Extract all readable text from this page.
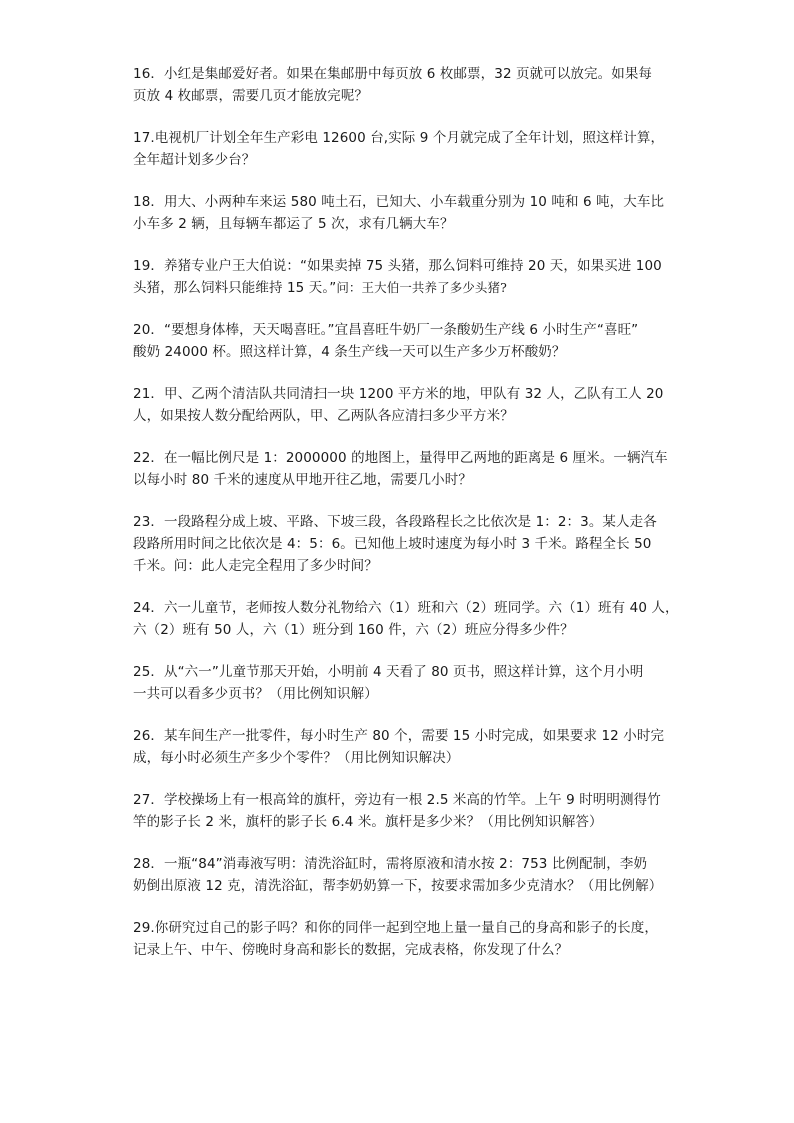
16．小红是集邮爱好者。如果在集邮册中每页放 6 枚邮票，32 页就可以放完。如果每
页放 4 枚邮票，需要几页才能放完呢？
17.电视机厂计划全年生产彩电 12600 台,实际 9 个月就完成了全年计划，照这样计算，
全年超计划多少台？
18．用大、小两种车来运 580 吨土石，已知大、小车载重分别为 10 吨和 6 吨，大车比
小车多 2 辆，且每辆车都运了 5 次，求有几辆大车？
19．养猪专业户王大伯说：“如果卖掉 75 头猪，那么饲料可维持 20 天，如果买进 100
头猪，那么饲料只能维持 15 天。”问：王大伯一共养了多少头猪?
20．“要想身体棒，天天喝喜旺。”宜昌喜旺牛奶厂一条酸奶生产线 6 小时生产“喜旺”
酸奶 24000 杯。照这样计算，4 条生产线一天可以生产多少万杯酸奶？
21．甲、乙两个清洁队共同清扫一块 1200 平方米的地，甲队有 32 人，乙队有工人 20
人，如果按人数分配给两队，甲、乙两队各应清扫多少平方米？
22．在一幅比例尺是 1：2000000 的地图上，量得甲乙两地的距离是 6 厘米。一辆汽车
以每小时 80 千米的速度从甲地开往乙地，需要几小时？
23．一段路程分成上坡、平路、下坡三段，各段路程长之比依次是 1：2：3。某人走各
段路所用时间之比依次是 4：5：6。已知他上坡时速度为每小时 3 千米。路程全长 50
千米。问：此人走完全程用了多少时间？
24．六一儿童节，老师按人数分礼物给六（1）班和六（2）班同学。六（1）班有 40 人，
六（2）班有 50 人，六（1）班分到 160 件，六（2）班应分得多少件？
25．从“六一”儿童节那天开始，小明前 4 天看了 80 页书，照这样计算，这个月小明
一共可以看多少页书？（用比例知识解）
26．某车间生产一批零件，每小时生产 80 个，需要 15 小时完成，如果要求 12 小时完
成，每小时必须生产多少个零件？（用比例知识解决）
27．学校操场上有一根高耸的旗杆，旁边有一根 2.5 米高的竹竿。上午 9 时明明测得竹
竿的影子长 2 米，旗杆的影子长 6.4 米。旗杆是多少米？（用比例知识解答）
28．一瓶“84”消毒液写明：清洗浴缸时，需将原液和清水按 2：753 比例配制，李奶
奶倒出原液 12 克，清洗浴缸，帮李奶奶算一下，按要求需加多少克清水？（用比例解）
29.你研究过自己的影子吗？和你的同伴一起到空地上量一量自己的身高和影子的长度，
记录上午、中午、傍晚时身高和影长的数据，完成表格，你发现了什么？
